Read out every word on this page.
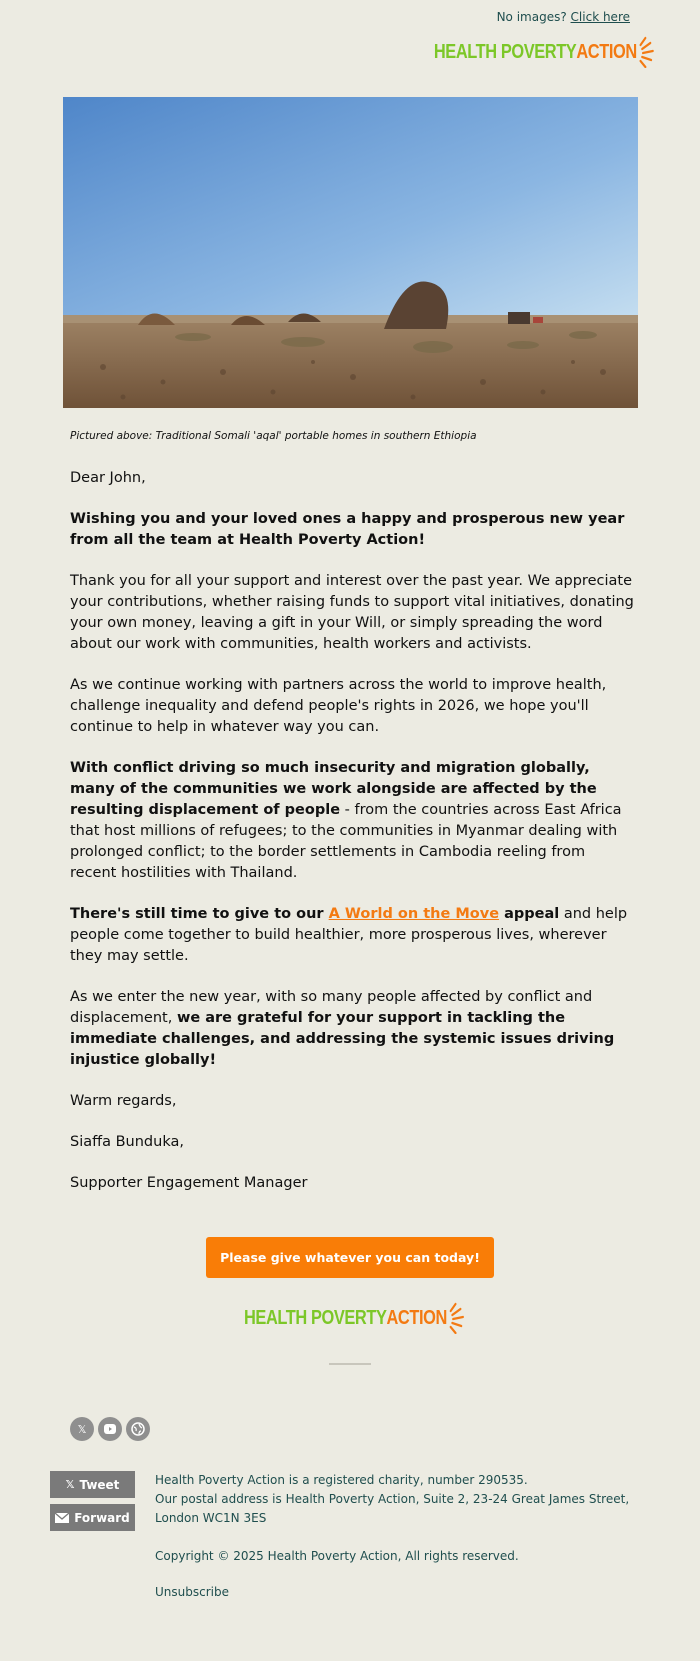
No images? Click here
HEALTH POVERTY ACTION
Pictured above: Traditional Somali 'aqal' portable homes in southern Ethiopia

Dear John,

Wishing you and your loved ones a happy and prosperous new year from all the team at Health Poverty Action!

Thank you for all your support and interest over the past year. We appreciate your contributions, whether raising funds to support vital initiatives, donating your own money, leaving a gift in your Will, or simply spreading the word about our work with communities, health workers and activists.

As we continue working with partners across the world to improve health, challenge inequality and defend people's rights in 2026, we hope you'll continue to help in whatever way you can.

With conflict driving so much insecurity and migration globally, many of the communities we work alongside are affected by the resulting displacement of people - from the countries across East Africa that host millions of refugees; to the communities in Myanmar dealing with prolonged conflict; to the border settlements in Cambodia reeling from recent hostilities with Thailand.

There's still time to give to our A World on the Move appeal and help people come together to build healthier, more prosperous lives, wherever they may settle.

As we enter the new year, with so many people affected by conflict and displacement, we are grateful for your support in tackling the immediate challenges, and addressing the systemic issues driving injustice globally!

Warm regards,

Siaffa Bunduka,

Supporter Engagement Manager

Please give whatever you can today!
HEALTH POVERTY ACTION
𝕏
𝕏 Tweet
Forward

Health Poverty Action is a registered charity, number 290535.

Our postal address is Health Poverty Action, Suite 2, 23-24 Great James Street, London WC1N 3ES

Copyright © 2025 Health Poverty Action, All rights reserved.

Unsubscribe
